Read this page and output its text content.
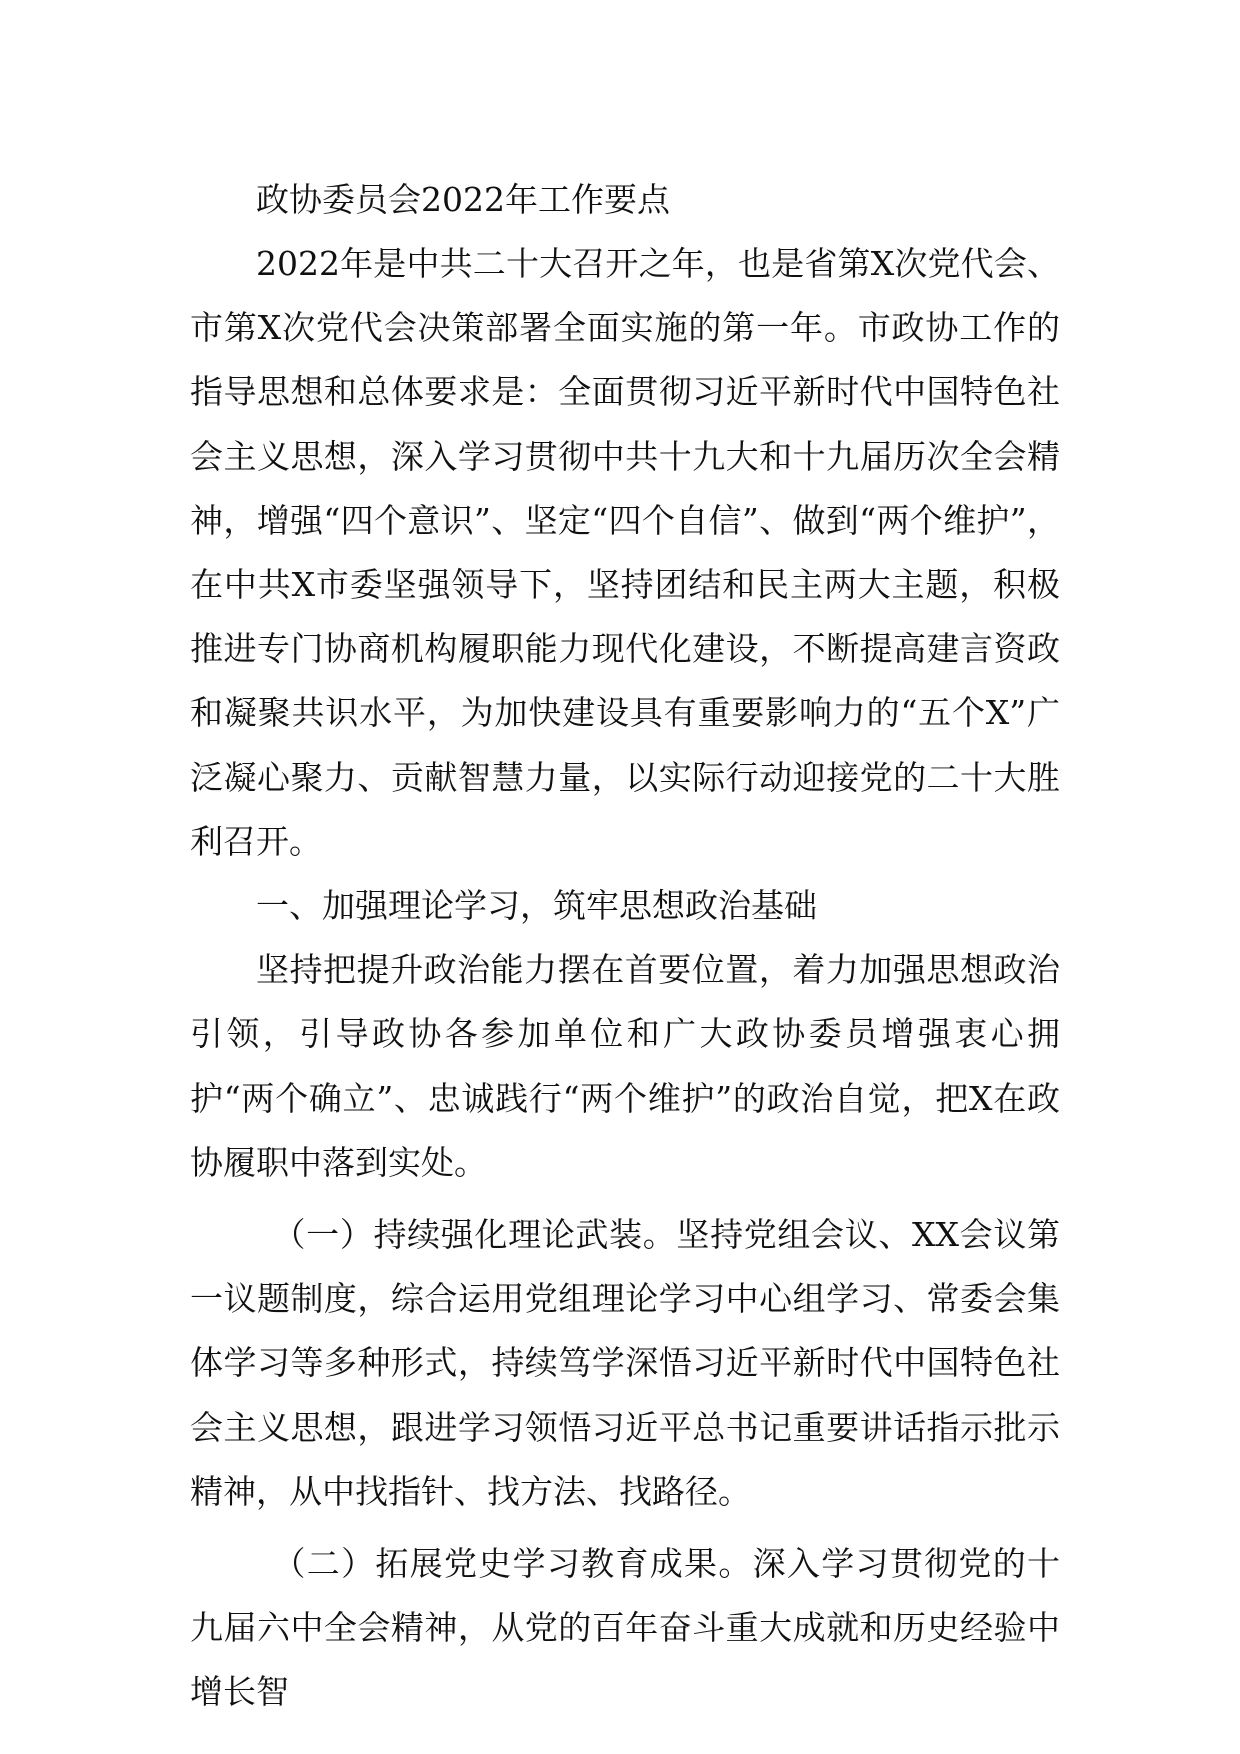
政协委员会2022年工作要点

2022年是中共二十大召开之年，也是省第X次党代会、市第X次党代会决策部署全面实施的第一年。市政协工作的指导思想和总体要求是：全面贯彻习近平新时代中国特色社会主义思想，深入学习贯彻中共十九大和十九届历次全会精神，增强“四个意识”、坚定“四个自信”、做到“两个维护”，在中共X市委坚强领导下，坚持团结和民主两大主题，积极推进专门协商机构履职能力现代化建设，不断提高建言资政和凝聚共识水平，为加快建设具有重要影响力的“五个X”广泛凝心聚力、贡献智慧力量，以实际行动迎接党的二十大胜利召开。

一、加强理论学习，筑牢思想政治基础

坚持把提升政治能力摆在首要位置，着力加强思想政治引领，引导政协各参加单位和广大政协委员增强衷心拥护“两个确立”、忠诚践行“两个维护”的政治自觉，把X在政协履职中落到实处。

（一）持续强化理论武装。坚持党组会议、XX会议第一议题制度，综合运用党组理论学习中心组学习、常委会集体学习等多种形式，持续笃学深悟习近平新时代中国特色社会主义思想，跟进学习领悟习近平总书记重要讲话指示批示精神，从中找指针、找方法、找路径。

（二）拓展党史学习教育成果。深入学习贯彻党的十九届六中全会精神，从党的百年奋斗重大成就和历史经验中增长智
